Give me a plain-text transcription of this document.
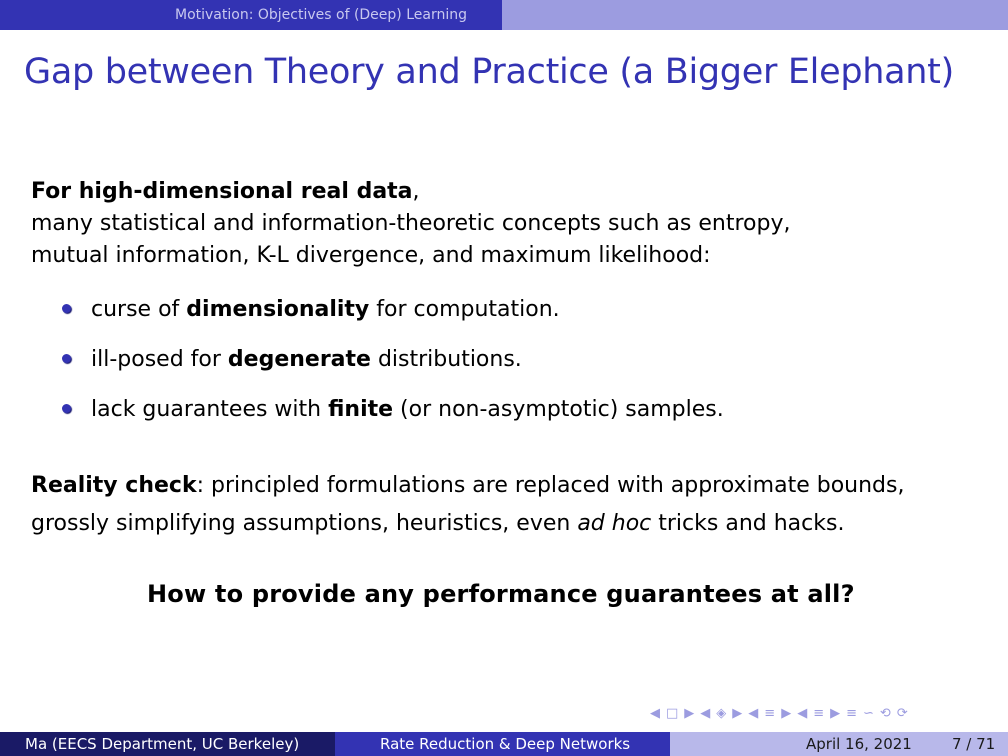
Motivation: Objectives of (Deep) Learning
Gap between Theory and Practice (a Bigger Elephant)
For high-dimensional real data,

many statistical and information-theoretic concepts such as entropy,

mutual information, K-L divergence, and maximum likelihood:

curse of dimensionality for computation.
ill-posed for degenerate distributions.
lack guarantees with finite (or non-asymptotic) samples.
Reality check: principled formulations are replaced with approximate bounds,
grossly simplifying assumptions, heuristics, even ad hoc tricks and hacks.
How to provide any performance guarantees at all?
◀ □ ▶ ◀ ◈ ▶ ◀ ≡ ▶ ◀ ≡ ▶ ≡ ∽ ⟲ ⟳
Ma (EECS Department, UC Berkeley)	Rate Reduction & Deep Networks	April 16, 2021	7 / 71
